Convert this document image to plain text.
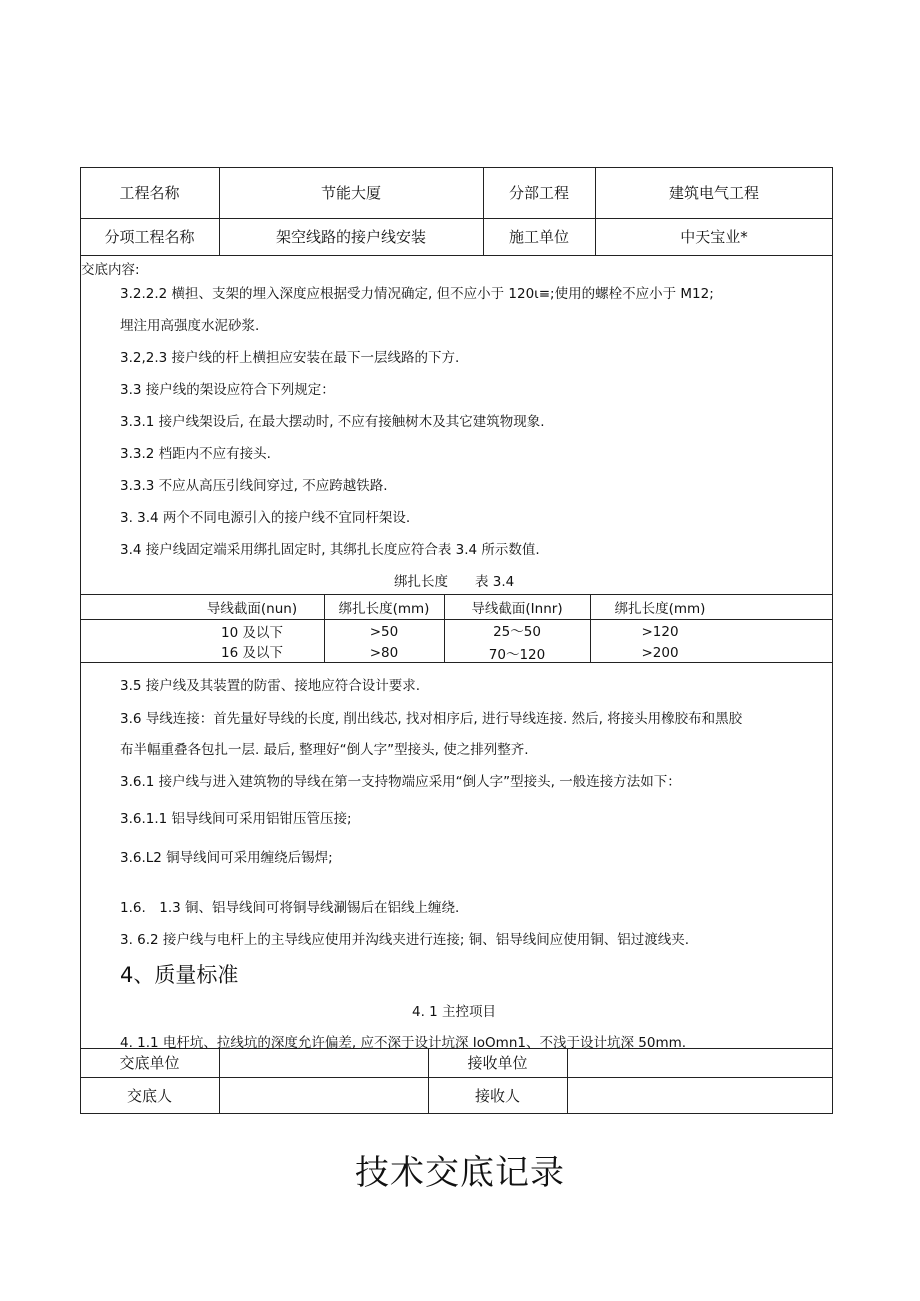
工程名称	节能大厦	分部工程	建筑电气工程
分项工程名称	架空线路的接户线安装	施工单位	中天宝业*
交底内容:
3.2.2.2 横担、支架的埋入深度应根据受力情况确定, 但不应小于 120ι≡;使用的螺栓不应小于 M12;
埋注用高强度水泥砂浆.
3.2,2.3 接户线的杆上横担应安装在最下一层线路的下方.
3.3 接户线的架设应符合下列规定：
3.3.1 接户线架设后, 在最大摆动时, 不应有接触树木及其它建筑物现象.
3.3.2 档距内不应有接头.
3.3.3 不应从高压引线间穿过, 不应跨越铁路.
3. 3.4 两个不同电源引入的接户线不宜同杆架设.
3.4 接户线固定端采用绑扎固定时, 其绑扎长度应符合表 3.4 所示数值.
绑扎长度　　表 3.4
导线截面(nun)	绑扎长度(mm)	导线截面(Innr)	绑扎长度(mm)
10 及以下	>50	25～50	>120
16 及以下	>80	70～120	>200
3.5 接户线及其装置的防雷、接地应符合设计要求.
3.6 导线连接：首先量好导线的长度, 削出线芯, 找对相序后, 进行导线连接. 然后, 将接头用橡胶布和黑胶
布半幅重叠各包扎一层. 最后, 整理好“倒人字”型接头, 使之排列整齐.
3.6.1 接户线与进入建筑物的导线在第一支持物端应采用“倒人字”型接头, 一般连接方法如下：
3.6.1.1 铝导线间可采用铝钳压管压接;
3.6.L2 铜导线间可采用缠绕后锡焊;
1.6.　1.3 铜、铝导线间可将铜导线涮锡后在铝线上缠绕.
3. 6.2 接户线与电杆上的主导线应使用并沟线夹进行连接; 铜、铝导线间应使用铜、铝过渡线夹.
4、质量标准
4. 1 主控项目
4. 1.1 电杆坑、拉线坑的深度允许偏差, 应不深于设计坑深 IoOmn1、不浅于设计坑深 50mm.
交底单位	接收单位
交底人	接收人
技术交底记录
